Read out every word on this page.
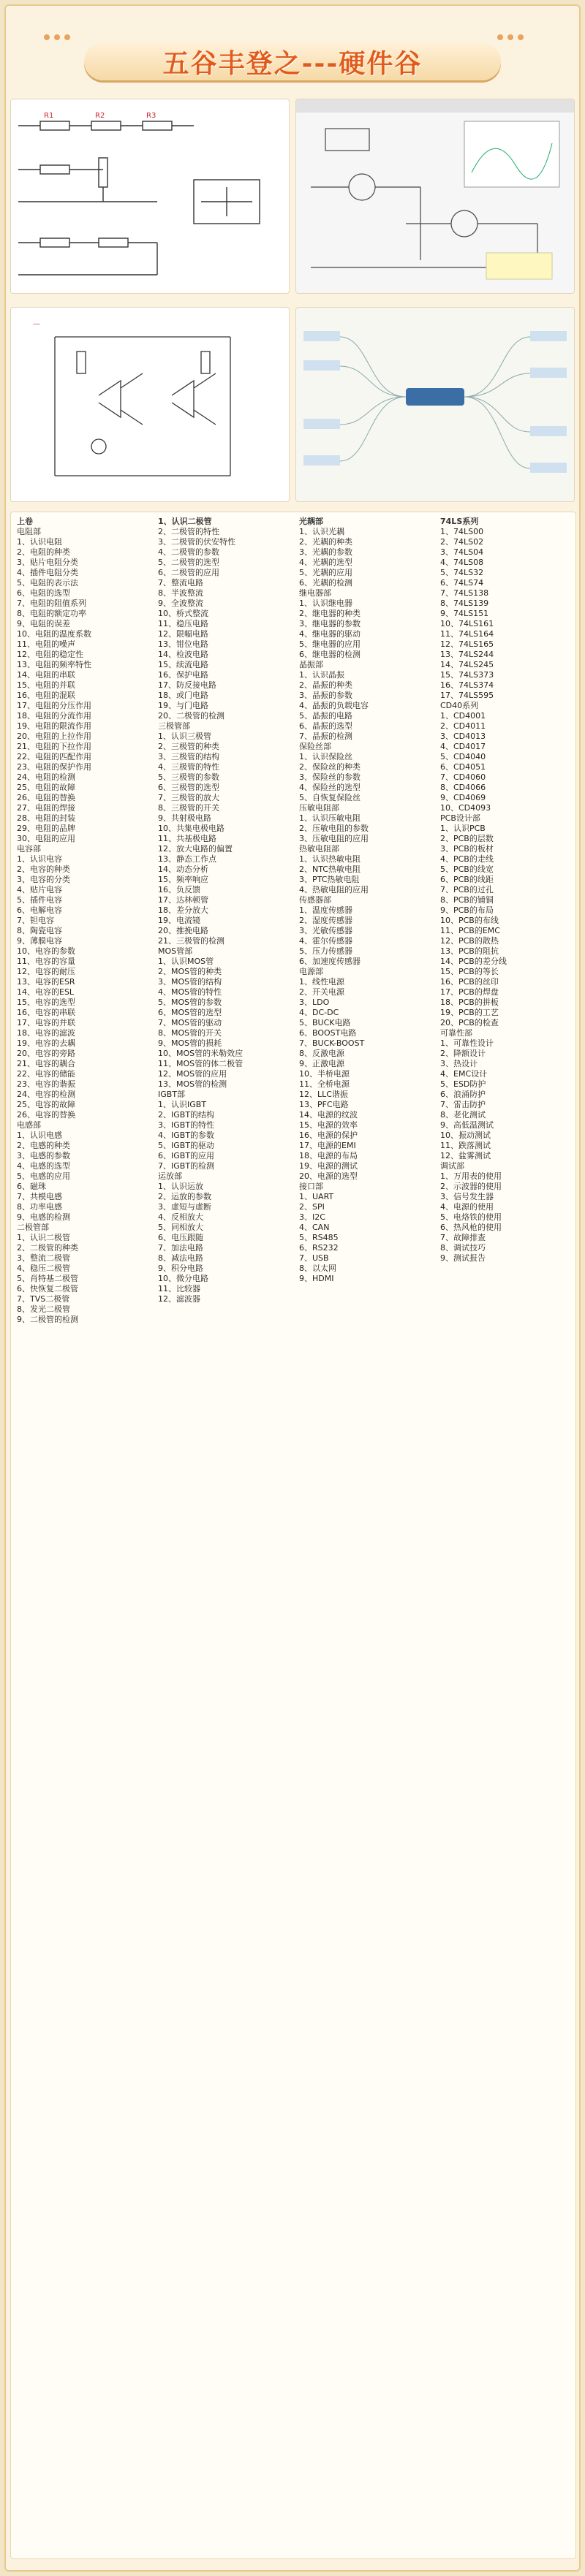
五谷丰登之---硬件谷
R1	R2	R3
—
上卷
电阻部
1、认识电阻
2、电阻的种类
3、贴片电阻分类
4、插件电阻分类
5、电阻的表示法
6、电阻的选型
7、电阻的阻值系列
8、电阻的额定功率
9、电阻的误差
10、电阻的温度系数
11、电阻的噪声
12、电阻的稳定性
13、电阻的频率特性
14、电阻的串联
15、电阻的并联
16、电阻的混联
17、电阻的分压作用
18、电阻的分流作用
19、电阻的限流作用
20、电阻的上拉作用
21、电阻的下拉作用
22、电阻的匹配作用
23、电阻的保护作用
24、电阻的检测
25、电阻的故障
26、电阻的替换
27、电阻的焊接
28、电阻的封装
29、电阻的品牌
30、电阻的应用
电容部
1、认识电容
2、电容的种类
3、电容的分类
4、贴片电容
5、插件电容
6、电解电容
7、钽电容
8、陶瓷电容
9、薄膜电容
10、电容的参数
11、电容的容量
12、电容的耐压
13、电容的ESR
14、电容的ESL
15、电容的选型
16、电容的串联
17、电容的并联
18、电容的滤波
19、电容的去耦
20、电容的旁路
21、电容的耦合
22、电容的储能
23、电容的谐振
24、电容的检测
25、电容的故障
26、电容的替换
电感部
1、认识电感
2、电感的种类
3、电感的参数
4、电感的选型
5、电感的应用
6、磁珠
7、共模电感
8、功率电感
9、电感的检测
二极管部
1、认识二极管
2、二极管的种类
3、整流二极管
4、稳压二极管
5、肖特基二极管
6、快恢复二极管
7、TVS二极管
8、发光二极管
9、二极管的检测
1、认识二极管
2、二极管的特性
3、二极管的伏安特性
4、二极管的参数
5、二极管的选型
6、二极管的应用
7、整流电路
8、半波整流
9、全波整流
10、桥式整流
11、稳压电路
12、限幅电路
13、钳位电路
14、检波电路
15、续流电路
16、保护电路
17、防反接电路
18、或门电路
19、与门电路
20、二极管的检测
三极管部
1、认识三极管
2、三极管的种类
3、三极管的结构
4、三极管的特性
5、三极管的参数
6、三极管的选型
7、三极管的放大
8、三极管的开关
9、共射极电路
10、共集电极电路
11、共基极电路
12、放大电路的偏置
13、静态工作点
14、动态分析
15、频率响应
16、负反馈
17、达林顿管
18、差分放大
19、电流镜
20、推挽电路
21、三极管的检测
MOS管部
1、认识MOS管
2、MOS管的种类
3、MOS管的结构
4、MOS管的特性
5、MOS管的参数
6、MOS管的选型
7、MOS管的驱动
8、MOS管的开关
9、MOS管的损耗
10、MOS管的米勒效应
11、MOS管的体二极管
12、MOS管的应用
13、MOS管的检测
IGBT部
1、认识IGBT
2、IGBT的结构
3、IGBT的特性
4、IGBT的参数
5、IGBT的驱动
6、IGBT的应用
7、IGBT的检测
运放部
1、认识运放
2、运放的参数
3、虚短与虚断
4、反相放大
5、同相放大
6、电压跟随
7、加法电路
8、减法电路
9、积分电路
10、微分电路
11、比较器
12、滤波器
光耦部
1、认识光耦
2、光耦的种类
3、光耦的参数
4、光耦的选型
5、光耦的应用
6、光耦的检测
继电器部
1、认识继电器
2、继电器的种类
3、继电器的参数
4、继电器的驱动
5、继电器的应用
6、继电器的检测
晶振部
1、认识晶振
2、晶振的种类
3、晶振的参数
4、晶振的负载电容
5、晶振的电路
6、晶振的选型
7、晶振的检测
保险丝部
1、认识保险丝
2、保险丝的种类
3、保险丝的参数
4、保险丝的选型
5、自恢复保险丝
压敏电阻部
1、认识压敏电阻
2、压敏电阻的参数
3、压敏电阻的应用
热敏电阻部
1、认识热敏电阻
2、NTC热敏电阻
3、PTC热敏电阻
4、热敏电阻的应用
传感器部
1、温度传感器
2、湿度传感器
3、光敏传感器
4、霍尔传感器
5、压力传感器
6、加速度传感器
电源部
1、线性电源
2、开关电源
3、LDO
4、DC-DC
5、BUCK电路
6、BOOST电路
7、BUCK-BOOST
8、反激电源
9、正激电源
10、半桥电源
11、全桥电源
12、LLC谐振
13、PFC电路
14、电源的纹波
15、电源的效率
16、电源的保护
17、电源的EMI
18、电源的布局
19、电源的测试
20、电源的选型
接口部
1、UART
2、SPI
3、I2C
4、CAN
5、RS485
6、RS232
7、USB
8、以太网
9、HDMI
74LS系列
1、74LS00
2、74LS02
3、74LS04
4、74LS08
5、74LS32
6、74LS74
7、74LS138
8、74LS139
9、74LS151
10、74LS161
11、74LS164
12、74LS165
13、74LS244
14、74LS245
15、74LS373
16、74LS374
17、74LS595
CD40系列
1、CD4001
2、CD4011
3、CD4013
4、CD4017
5、CD4040
6、CD4051
7、CD4060
8、CD4066
9、CD4069
10、CD4093
PCB设计部
1、认识PCB
2、PCB的层数
3、PCB的板材
4、PCB的走线
5、PCB的线宽
6、PCB的线距
7、PCB的过孔
8、PCB的铺铜
9、PCB的布局
10、PCB的布线
11、PCB的EMC
12、PCB的散热
13、PCB的阻抗
14、PCB的差分线
15、PCB的等长
16、PCB的丝印
17、PCB的焊盘
18、PCB的拼板
19、PCB的工艺
20、PCB的检查
可靠性部
1、可靠性设计
2、降额设计
3、热设计
4、EMC设计
5、ESD防护
6、浪涌防护
7、雷击防护
8、老化测试
9、高低温测试
10、振动测试
11、跌落测试
12、盐雾测试
调试部
1、万用表的使用
2、示波器的使用
3、信号发生器
4、电源的使用
5、电烙铁的使用
6、热风枪的使用
7、故障排查
8、调试技巧
9、测试报告
